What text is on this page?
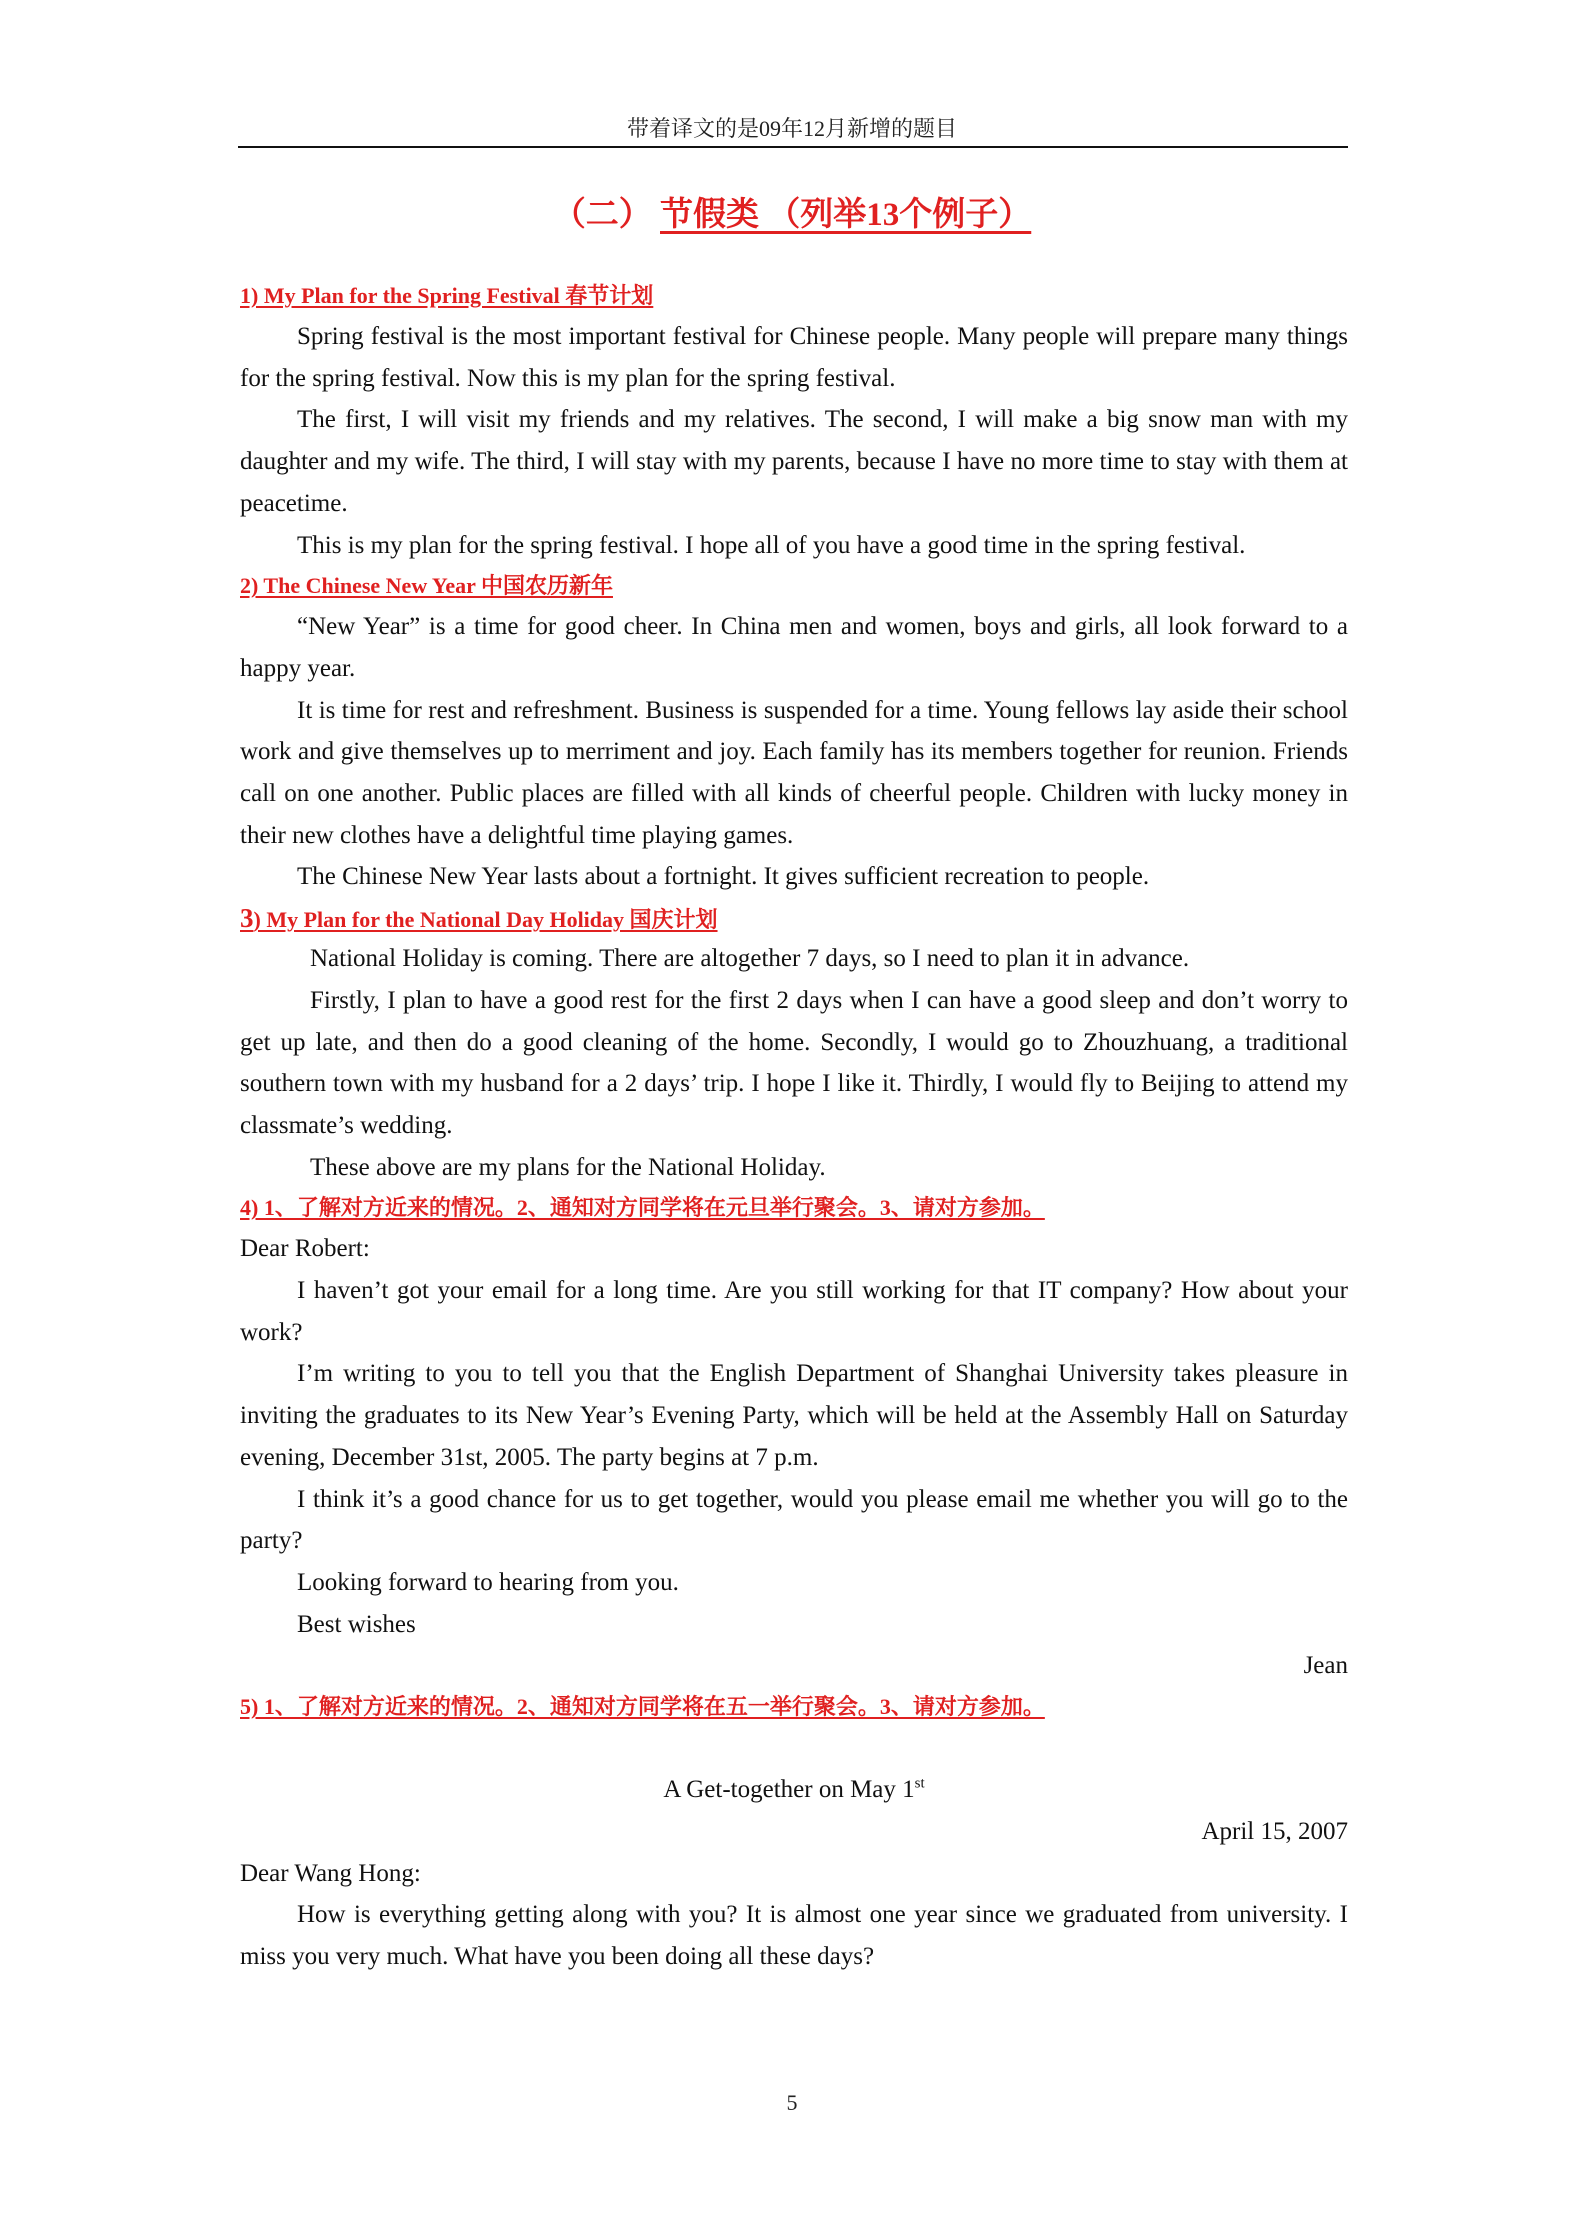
带着译文的是09年12月新增的题目
（二） 节假类 （列举13个例子）
1) My Plan for the Spring Festival 春节计划

Spring festival is the most important festival for Chinese people. Many people will prepare many things for the spring festival. Now this is my plan for the spring festival.

The first, I will visit my friends and my relatives. The second, I will make a big snow man with my daughter and my wife. The third, I will stay with my parents, because I have no more time to stay with them at peacetime.

This is my plan for the spring festival. I hope all of you have a good time in the spring festival.

2) The Chinese New Year 中国农历新年

“New Year” is a time for good cheer. In China men and women, boys and girls, all look forward to a happy year.

It is time for rest and refreshment. Business is suspended for a time. Young fellows lay aside their school work and give themselves up to merriment and joy. Each family has its members together for reunion. Friends call on one another. Public places are filled with all kinds of cheerful people. Children with lucky money in their new clothes have a delightful time playing games.

The Chinese New Year lasts about a fortnight. It gives sufficient recreation to people.

3) My Plan for the National Day Holiday 国庆计划

National Holiday is coming. There are altogether 7 days, so I need to plan it in advance.

Firstly, I plan to have a good rest for the first 2 days when I can have a good sleep and don’t worry to get up late, and then do a good cleaning of the home. Secondly, I would go to Zhouzhuang, a traditional southern town with my husband for a 2 days’ trip. I hope I like it. Thirdly, I would fly to Beijing to attend my classmate’s wedding.

These above are my plans for the National Holiday.

4) 1、了解对方近来的情况。2、通知对方同学将在元旦举行聚会。3、请对方参加。

Dear Robert:

I haven’t got your email for a long time. Are you still working for that IT company? How about your work?

I’m writing to you to tell you that the English Department of Shanghai University takes pleasure in inviting the graduates to its New Year’s Evening Party, which will be held at the Assembly Hall on Saturday evening, December 31st, 2005. The party begins at 7 p.m.

I think it’s a good chance for us to get together, would you please email me whether you will go to the party?

Looking forward to hearing from you.

Best wishes

Jean

5) 1、了解对方近来的情况。2、通知对方同学将在五一举行聚会。3、请对方参加。

A Get-together on May 1st

April 15, 2007

Dear Wang Hong:

How is everything getting along with you? It is almost one year since we graduated from university. I miss you very much. What have you been doing all these days?

5
